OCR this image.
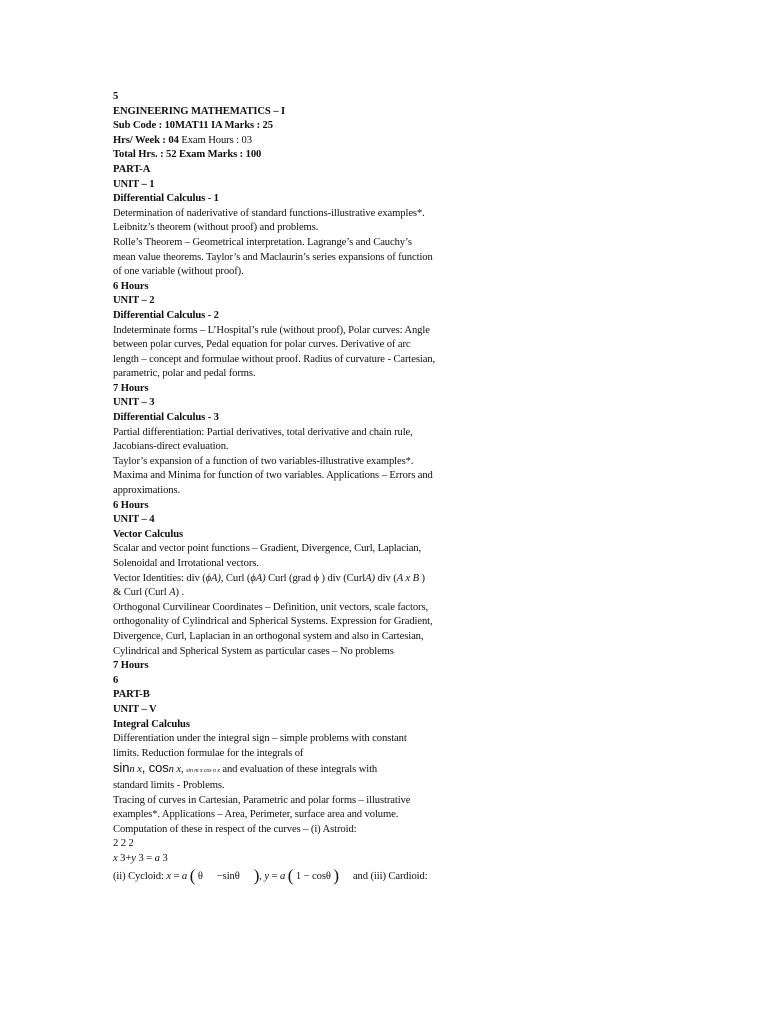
5
ENGINEERING MATHEMATICS – I
Sub Code : 10MAT11 IA Marks : 25
Hrs/ Week : 04 Exam Hours : 03
Total Hrs. : 52 Exam Marks : 100
PART-A
UNIT – 1
Differential Calculus - 1
Determination of naderivative of standard functions-illustrative examples*.
Leibnitz’s theorem (without proof) and problems.
Rolle’s Theorem – Geometrical interpretation. Lagrange’s and Cauchy’s
mean value theorems. Taylor’s and Maclaurin’s series expansions of function
of one variable (without proof).
6 Hours
UNIT – 2
Differential Calculus - 2
Indeterminate forms – L’Hospital’s rule (without proof), Polar curves: Angle
between polar curves, Pedal equation for polar curves. Derivative of arc
length – concept and formulae without proof. Radius of curvature - Cartesian,
parametric, polar and pedal forms.
7 Hours
UNIT – 3
Differential Calculus - 3
Partial differentiation: Partial derivatives, total derivative and chain rule,
Jacobians-direct evaluation.
Taylor’s expansion of a function of two variables-illustrative examples*.
Maxima and Minima for function of two variables. Applications – Errors and
approximations.
6 Hours
UNIT – 4
Vector Calculus
Scalar and vector point functions – Gradient, Divergence, Curl, Laplacian,
Solenoidal and Irrotational vectors.
Vector Identities: div (ϕA), Curl (ϕA) Curl (grad ϕ ) div (CurlA) div (A x B )
& Curl (Curl A) .
Orthogonal Curvilinear Coordinates – Definition, unit vectors, scale factors,
orthogonality of Cylindrical and Spherical Systems. Expression for Gradient,
Divergence, Curl, Laplacian in an orthogonal system and also in Cartesian,
Cylindrical and Spherical System as particular cases – No problems
7 Hours
6
PART-B
UNIT – V
Integral Calculus
Differentiation under the integral sign – simple problems with constant
limits. Reduction formulae for the integrals of
sinn x, cosn x, sin m x cos n x and evaluation of these integrals with
standard limits - Problems.
Tracing of curves in Cartesian, Parametric and polar forms – illustrative
examples*. Applications – Area, Perimeter, surface area and volume.
Computation of these in respect of the curves – (i) Astroid:
2 2 2
x 3+y 3 = a 3
(ii) Cycloid: x = a ( θ −sinθ ), y = a ( 1 − cosθ ) and (iii) Cardioid:
